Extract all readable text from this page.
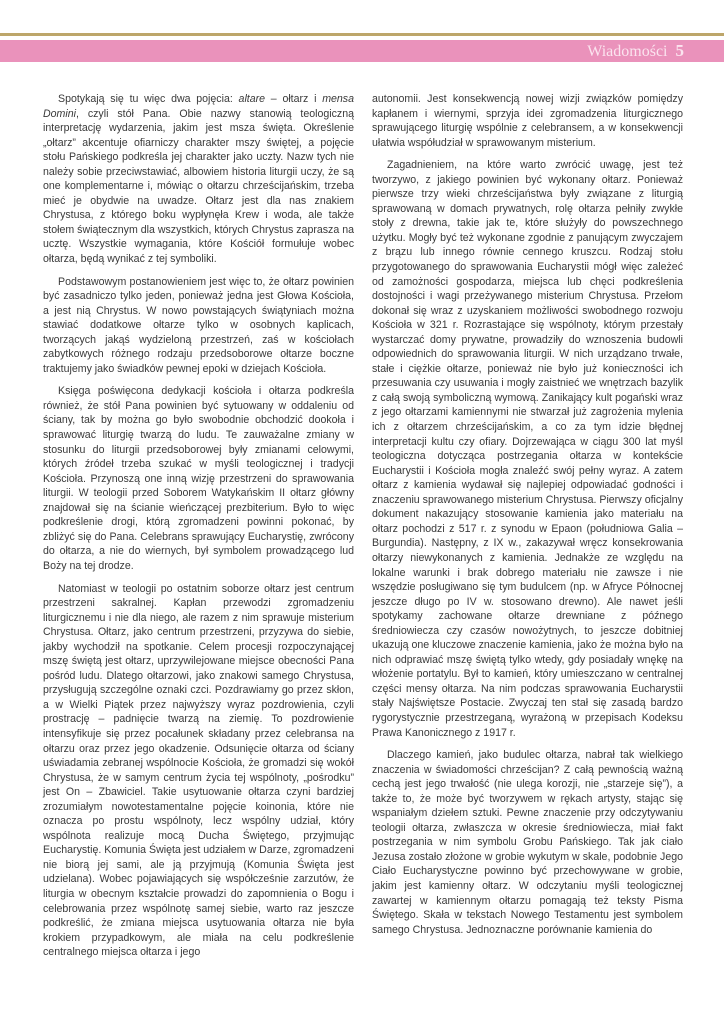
Wiadomości 5

Spotykają się tu więc dwa pojęcia: altare – ołtarz i mensa Domini, czyli stół Pana. Obie nazwy stanowią teologiczną interpretację wydarzenia, jakim jest msza święta. Określenie „ołtarz” akcentuje ofiarniczy charakter mszy świętej, a pojęcie stołu Pańskiego podkreśla jej charakter jako uczty. Nazw tych nie należy sobie przeciwstawiać, albowiem historia liturgii uczy, że są one komplementarne i, mówiąc o ołtarzu chrześcijańskim, trzeba mieć je obydwie na uwadze. Ołtarz jest dla nas znakiem Chrystusa, z którego boku wypłynęła Krew i woda, ale także stołem świątecznym dla wszystkich, których Chrystus zaprasza na ucztę. Wszystkie wymagania, które Kościół formułuje wobec ołtarza, będą wynikać z tej symboliki.

Podstawowym postanowieniem jest więc to, że ołtarz powinien być zasadniczo tylko jeden, ponieważ jedna jest Głowa Kościoła, a jest nią Chrystus. W nowo powstających świątyniach można stawiać dodatkowe ołtarze tylko w osobnych kaplicach, tworzących jakąś wydzieloną przestrzeń, zaś w kościołach zabytkowych różnego rodzaju przedsoborowe ołtarze boczne traktujemy jako świadków pewnej epoki w dziejach Kościoła.

Księga poświęcona dedykacji kościoła i ołtarza podkreśla również, że stół Pana powinien być sytuowany w oddaleniu od ściany, tak by można go było swobodnie obchodzić dookoła i sprawować liturgię twarzą do ludu. Te zauważalne zmiany w stosunku do liturgii przedsoborowej były zmianami celowymi, których źródeł trzeba szukać w myśli teologicznej i tradycji Kościoła. Przynoszą one inną wizję przestrzeni do sprawowania liturgii. W teologii przed Soborem Watykańskim II ołtarz główny znajdował się na ścianie wieńczącej prezbiterium. Było to więc podkreślenie drogi, którą zgromadzeni powinni pokonać, by zbliżyć się do Pana. Celebrans sprawujący Eucharystię, zwrócony do ołtarza, a nie do wiernych, był symbolem prowadzącego lud Boży na tej drodze.

Natomiast w teologii po ostatnim soborze ołtarz jest centrum przestrzeni sakralnej. Kapłan przewodzi zgromadzeniu liturgicznemu i nie dla niego, ale razem z nim sprawuje misterium Chrystusa. Ołtarz, jako centrum przestrzeni, przyzywa do siebie, jakby wychodził na spotkanie. Celem procesji rozpoczynającej mszę świętą jest ołtarz, uprzywilejowane miejsce obecności Pana pośród ludu. Dlatego ołtarzowi, jako znakowi samego Chrystusa, przysługują szczególne oznaki czci. Pozdrawiamy go przez skłon, a w Wielki Piątek przez najwyższy wyraz pozdrowienia, czyli prostrację – padnięcie twarzą na ziemię. To pozdrowienie intensyfikuje się przez pocałunek składany przez celebransa na ołtarzu oraz przez jego okadzenie. Odsunięcie ołtarza od ściany uświadamia zebranej wspólnocie Kościoła, że gromadzi się wokół Chrystusa, że w samym centrum życia tej wspólnoty, „pośrodku” jest On – Zbawiciel. Takie usytuowanie ołtarza czyni bardziej zrozumiałym nowotestamentalne pojęcie koinonia, które nie oznacza po prostu wspólnoty, lecz wspólny udział, który wspólnota realizuje mocą Ducha Świętego, przyjmując Eucharystię. Komunia Święta jest udziałem w Darze, zgromadzeni nie biorą jej sami, ale ją przyjmują (Komunia Święta jest udzielana). Wobec pojawiających się współcześnie zarzutów, że liturgia w obecnym kształcie prowadzi do zapomnienia o Bogu i celebrowania przez wspólnotę samej siebie, warto raz jeszcze podkreślić, że zmiana miejsca usytuowania ołtarza nie była krokiem przypadkowym, ale miała na celu podkreślenie centralnego miejsca ołtarza i jego

autonomii. Jest konsekwencją nowej wizji związków pomiędzy kapłanem i wiernymi, sprzyja idei zgromadzenia liturgicznego sprawującego liturgię wspólnie z celebransem, a w konsekwencji ułatwia współudział w sprawowanym misterium.

Zagadnieniem, na które warto zwrócić uwagę, jest też tworzywo, z jakiego powinien być wykonany ołtarz. Ponieważ pierwsze trzy wieki chrześcijaństwa były związane z liturgią sprawowaną w domach prywatnych, rolę ołtarza pełniły zwykłe stoły z drewna, takie jak te, które służyły do powszechnego użytku. Mogły być też wykonane zgodnie z panującym zwyczajem z brązu lub innego równie cennego kruszcu. Rodzaj stołu przygotowanego do sprawowania Eucharystii mógł więc zależeć od zamożności gospodarza, miejsca lub chęci podkreślenia dostojności i wagi przeżywanego misterium Chrystusa. Przełom dokonał się wraz z uzyskaniem możliwości swobodnego rozwoju Kościoła w 321 r. Rozrastające się wspólnoty, którym przestały wystarczać domy prywatne, prowadziły do wznoszenia budowli odpowiednich do sprawowania liturgii. W nich urządzano trwałe, stałe i ciężkie ołtarze, ponieważ nie było już konieczności ich przesuwania czy usuwania i mogły zaistnieć we wnętrzach bazylik z całą swoją symboliczną wymową. Zanikający kult pogański wraz z jego ołtarzami kamiennymi nie stwarzał już zagrożenia mylenia ich z ołtarzem chrześcijańskim, a co za tym idzie błędnej interpretacji kultu czy ofiary. Dojrzewająca w ciągu 300 lat myśl teologiczna dotycząca postrzegania ołtarza w kontekście Eucharystii i Kościoła mogła znaleźć swój pełny wyraz. A zatem ołtarz z kamienia wydawał się najlepiej odpowiadać godności i znaczeniu sprawowanego misterium Chrystusa. Pierwszy oficjalny dokument nakazujący stosowanie kamienia jako materiału na ołtarz pochodzi z 517 r. z synodu w Epaon (południowa Galia – Burgundia). Następny, z IX w., zakazywał wręcz konsekrowania ołtarzy niewykonanych z kamienia. Jednakże ze względu na lokalne warunki i brak dobrego materiału nie zawsze i nie wszędzie posługiwano się tym budulcem (np. w Afryce Północnej jeszcze długo po IV w. stosowano drewno). Ale nawet jeśli spotykamy zachowane ołtarze drewniane z późnego średniowiecza czy czasów nowożytnych, to jeszcze dobitniej ukazują one kluczowe znaczenie kamienia, jako że można było na nich odprawiać mszę świętą tylko wtedy, gdy posiadały wnękę na włożenie portatylu. Był to kamień, który umieszczano w centralnej części mensy ołtarza. Na nim podczas sprawowania Eucharystii stały Najświętsze Postacie. Zwyczaj ten stał się zasadą bardzo rygorystycznie przestrzeganą, wyrażoną w przepisach Kodeksu Prawa Kanonicznego z 1917 r.

Dlaczego kamień, jako budulec ołtarza, nabrał tak wielkiego znaczenia w świadomości chrześcijan? Z całą pewnością ważną cechą jest jego trwałość (nie ulega korozji, nie „starzeje się”), a także to, że może być tworzywem w rękach artysty, stając się wspaniałym dziełem sztuki. Pewne znaczenie przy odczytywaniu teologii ołtarza, zwłaszcza w okresie średniowiecza, miał fakt postrzegania w nim symbolu Grobu Pańskiego. Tak jak ciało Jezusa zostało złożone w grobie wykutym w skale, podobnie Jego Ciało Eucharystyczne powinno być przechowywane w grobie, jakim jest kamienny ołtarz. W odczytaniu myśli teologicznej zawartej w kamiennym ołtarzu pomagają też teksty Pisma Świętego. Skała w tekstach Nowego Testamentu jest symbolem samego Chrystusa. Jednoznaczne porównanie kamienia do
